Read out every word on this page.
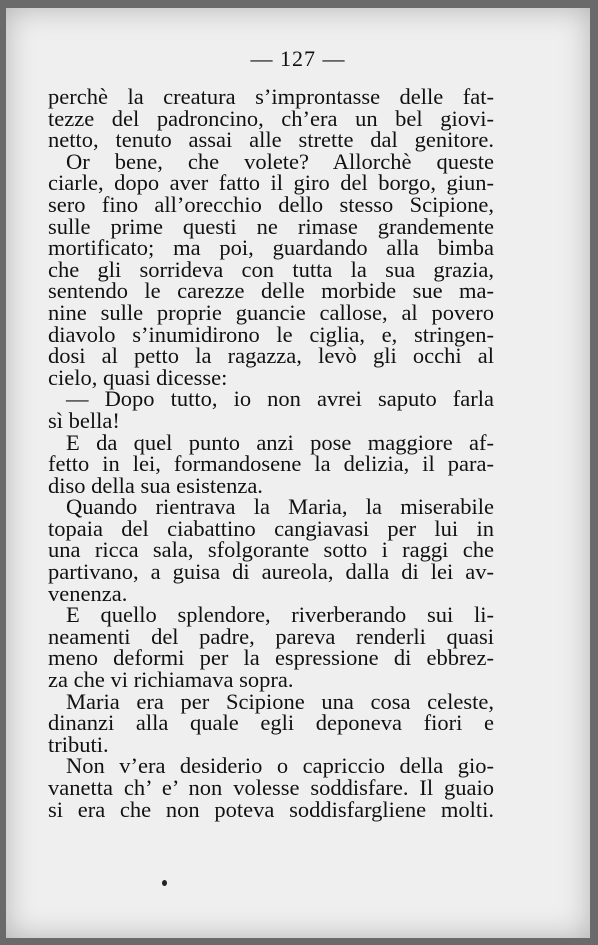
— 127 —
perchè la creatura s’improntasse delle fat-
tezze del padroncino, ch’era un bel giovi-
netto, tenuto assai alle strette dal genitore.
Or bene, che volete? Allorchè queste
ciarle, dopo aver fatto il giro del borgo, giun-
sero fino all’orecchio dello stesso Scipione,
sulle prime questi ne rimase grandemente
mortificato; ma poi, guardando alla bimba
che gli sorrideva con tutta la sua grazia,
sentendo le carezze delle morbide sue ma-
nine sulle proprie guancie callose, al povero
diavolo s’inumidirono le ciglia, e, stringen-
dosi al petto la ragazza, levò gli occhi al
cielo, quasi dicesse:
— Dopo tutto, io non avrei saputo farla
sì bella!
E da quel punto anzi pose maggiore af-
fetto in lei, formandosene la delizia, il para-
diso della sua esistenza.
Quando rientrava la Maria, la miserabile
topaia del ciabattino cangiavasi per lui in
una ricca sala, sfolgorante sotto i raggi che
partivano, a guisa di aureola, dalla di lei av-
venenza.
E quello splendore, riverberando sui li-
neamenti del padre, pareva renderli quasi
meno deformi per la espressione di ebbrez-
za che vi richiamava sopra.
Maria era per Scipione una cosa celeste,
dinanzi alla quale egli deponeva fiori e
tributi.
Non v’era desiderio o capriccio della gio-
vanetta ch’ e’ non volesse soddisfare. Il guaio
si era che non poteva soddisfargliene molti.
